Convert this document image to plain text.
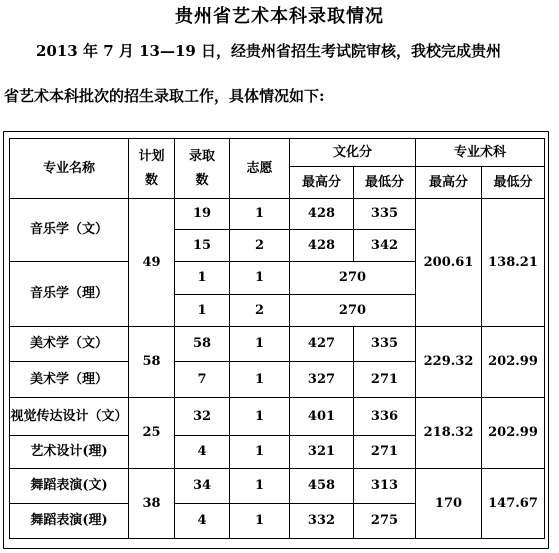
贵州省艺术本科录取情况
2013 年 7 月 13—19 日，经贵州省招生考试院审核，我校完成贵州
省艺术本科批次的招生录取工作，具体情况如下:
专业名称	计划数	录取数	志愿	文化分		专业术科	
				最高分	最低分	最高分	最低分
音乐学（文）	49	19	1	428	335	200.61	138.21
		15	2	428	342		
音乐学（理）		1	1	270			
		1	2	270			
美术学（文）	58	58	1	427	335	229.32	202.99
美术学（理）		7	1	327	271		
视觉传达设计（文）	25	32	1	401	336	218.32	202.99
艺术设计(理)		4	1	321	271		
舞蹈表演(文)	38	34	1	458	313	170	147.67
舞蹈表演(理)		4	1	332	275		
